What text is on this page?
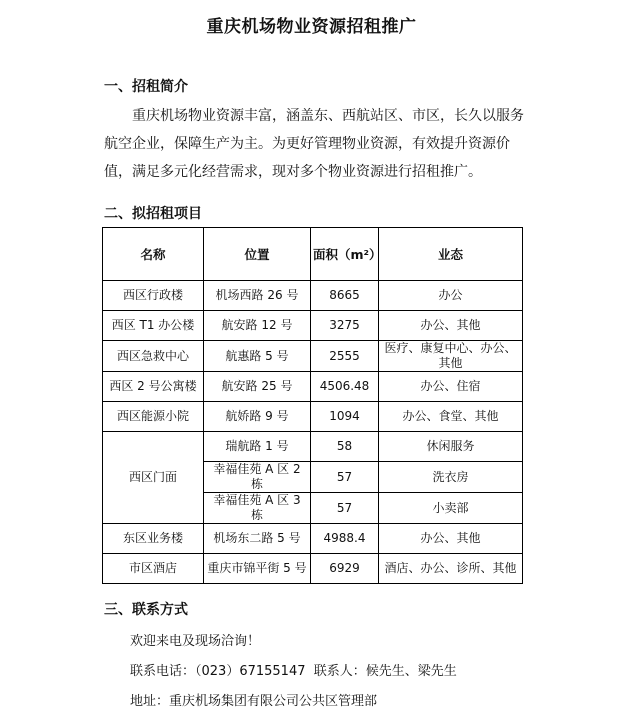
重庆机场物业资源招租推广
一、招租简介
重庆机场物业资源丰富，涵盖东、西航站区、市区，长久以服务航空企业，保障生产为主。为更好管理物业资源，有效提升资源价值，满足多元化经营需求，现对多个物业资源进行招租推广。
二、拟招租项目
名称	位置	面积（m²）	业态
西区行政楼	机场西路 26 号	8665	办公
西区 T1 办公楼	航安路 12 号	3275	办公、其他
西区急救中心	航惠路 5 号	2555	医疗、康复中心、办公、其他
西区 2 号公寓楼	航安路 25 号	4506.48	办公、住宿
西区能源小院	航娇路 9 号	1094	办公、食堂、其他
西区门面	瑞航路 1 号	58	休闲服务
	幸福佳苑 A 区 2 栋	57	洗衣房
	幸福佳苑 A 区 3 栋	57	小卖部
东区业务楼	机场东二路 5 号	4988.4	办公、其他
市区酒店	重庆市锦平街 5 号	6929	酒店、办公、诊所、其他
三、联系方式
欢迎来电及现场洽询！
联系电话：（023）67155147  联系人：候先生、梁先生
地址：重庆机场集团有限公司公共区管理部
